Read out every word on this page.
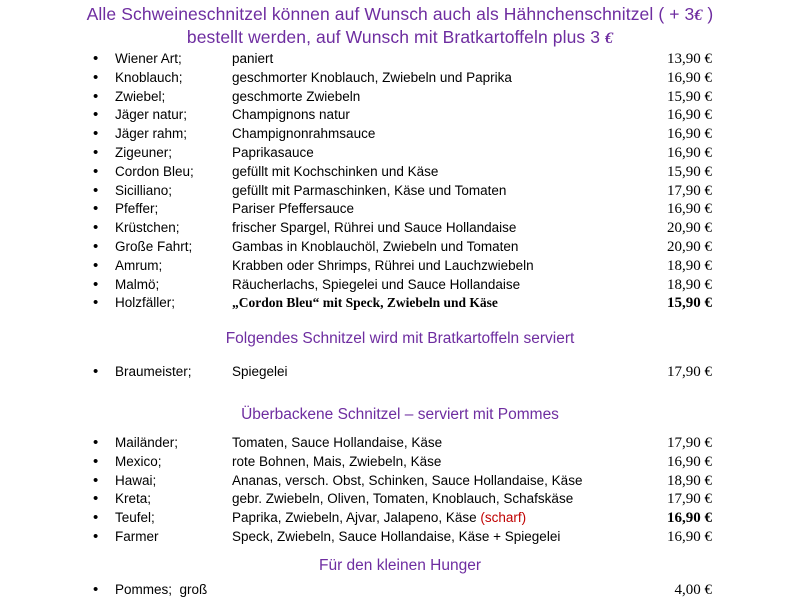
Alle Schweineschnitzel können auf Wunsch auch als Hähnchenschnitzel ( + 3€ )
bestellt werden, auf Wunsch mit Bratkartoffeln plus 3 €
•
Wiener Art;	paniert	13,90 €
•
Knoblauch;	geschmorter Knoblauch, Zwiebeln und Paprika	16,90 €
•
Zwiebel;	geschmorte Zwiebeln	15,90 €
•
Jäger natur;	Champignons natur	16,90 €
•
Jäger rahm;	Champignonrahmsauce	16,90 €
•
Zigeuner;	Paprikasauce	16,90 €
•
Cordon Bleu;	gefüllt mit Kochschinken und Käse	15,90 €
•
Sicilliano;	gefüllt mit Parmaschinken, Käse und Tomaten	17,90 €
•
Pfeffer;	Pariser Pfeffersauce	16,90 €
•
Krüstchen;	frischer Spargel, Rührei und Sauce Hollandaise	20,90 €
•
Große Fahrt;	Gambas in Knoblauchöl, Zwiebeln und Tomaten	20,90 €
•
Amrum;	Krabben oder Shrimps, Rührei und Lauchzwiebeln	18,90 €
•
Malmö;	Räucherlachs, Spiegelei und Sauce Hollandaise	18,90 €
•
Holzfäller;	„Cordon Bleu“ mit Speck, Zwiebeln und Käse	15,90 €
Folgendes Schnitzel wird mit Bratkartoffeln serviert
•
Braumeister;	Spiegelei	17,90 €
Überbackene Schnitzel – serviert mit Pommes
•
Mailänder;	Tomaten, Sauce Hollandaise, Käse	17,90 €
•
Mexico;	rote Bohnen, Mais, Zwiebeln, Käse	16,90 €
•
Hawai;	Ananas, versch. Obst, Schinken, Sauce Hollandaise, Käse	18,90 €
•
Kreta;	gebr. Zwiebeln, Oliven, Tomaten, Knoblauch, Schafskäse	17,90 €
•
Teufel;	Paprika, Zwiebeln, Ajvar, Jalapeno, Käse (scharf)	16,90 €
•
Farmer	Speck, Zwiebeln, Sauce Hollandaise, Käse + Spiegelei	16,90 €
Für den kleinen Hunger
•
Pommes;  groß	4,00 €
